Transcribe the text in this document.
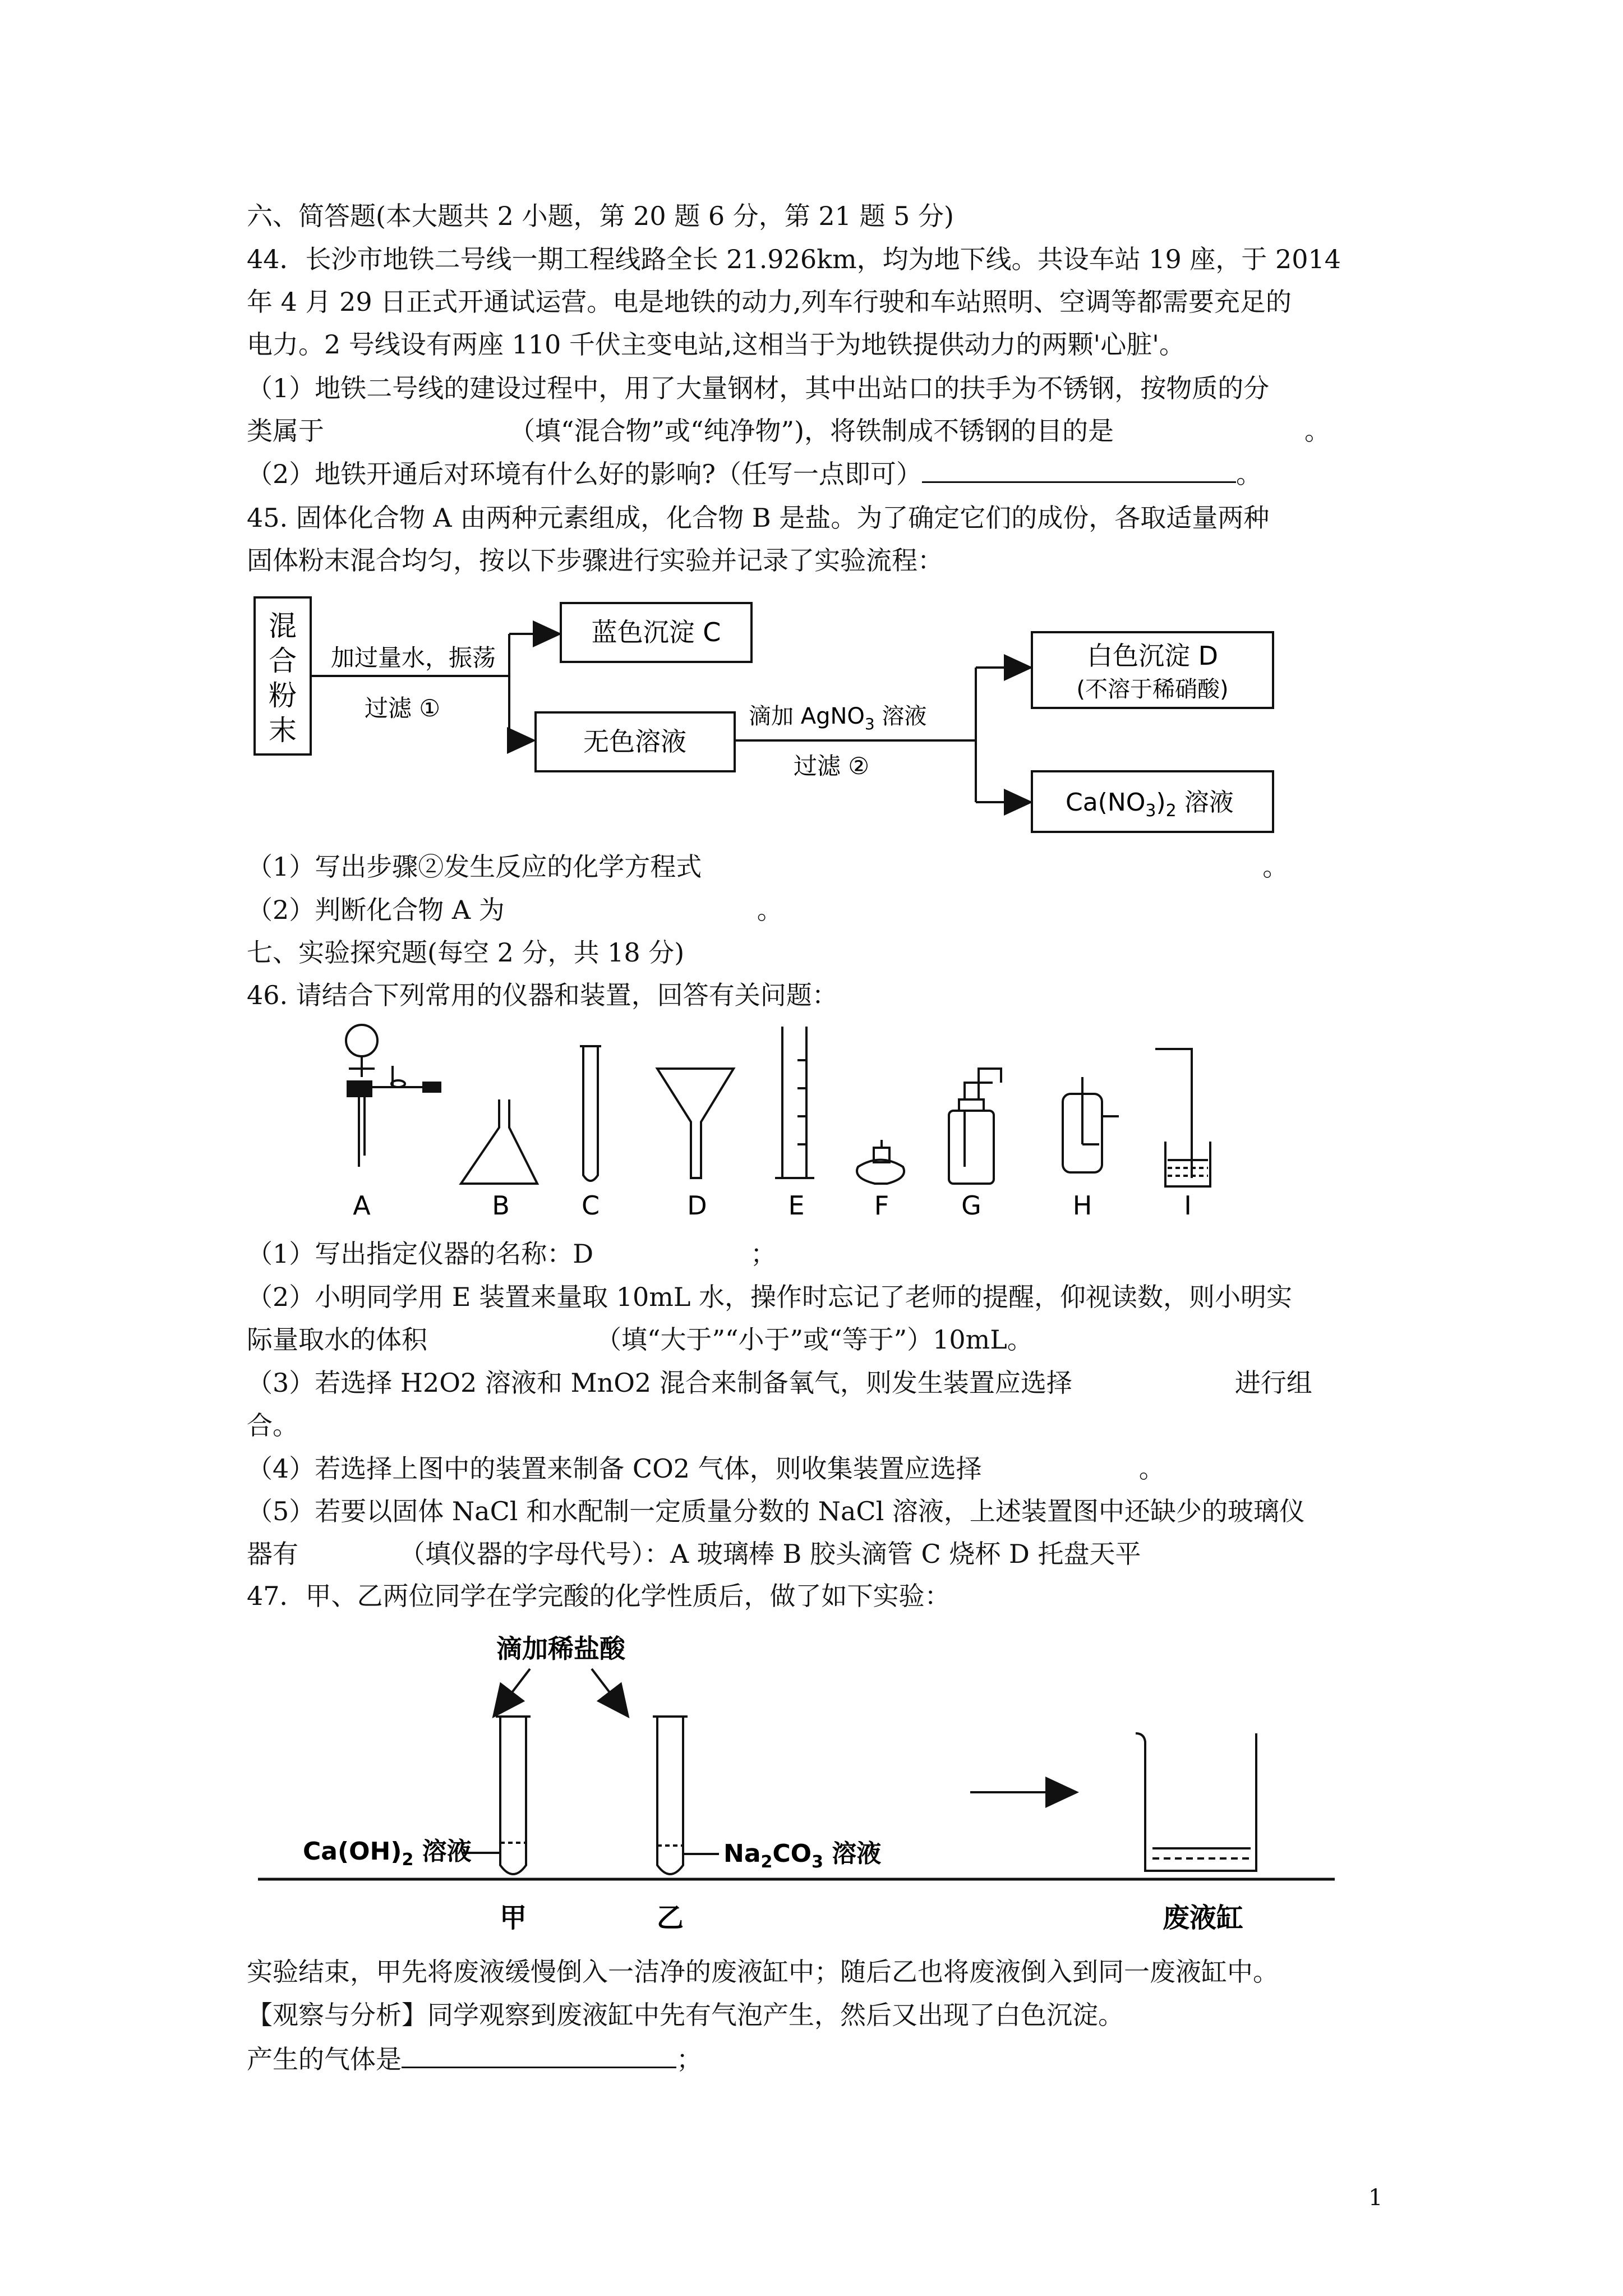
六、简答题(本大题共 2 小题，第 20 题 6 分，第 21 题 5 分)
44．长沙市地铁二号线一期工程线路全长 21.926km，均为地下线。共设车站 19 座，于 2014
年 4 月 29 日正式开通试运营。电是地铁的动力,列车行驶和车站照明、空调等都需要充足的
电力。2 号线设有两座 110 千伏主变电站,这相当于为地铁提供动力的两颗'心脏'。
（1）地铁二号线的建设过程中，用了大量钢材，其中出站口的扶手为不锈钢，按物质的分
类属于	（填“混合物”或“纯净物”)，将铁制成不锈钢的目的是	。
（2）地铁开通后对环境有什么好的影响?（任写一点即可）	。
45. 固体化合物 A 由两种元素组成，化合物 B 是盐。为了确定它们的成份，各取适量两种
固体粉末混合均匀，按以下步骤进行实验并记录了实验流程：
混
合
粉
末
加过量水，振荡
过滤 ①
蓝色沉淀 C
无色溶液
滴加 AgNO$_3$ 溶液
过滤 ②
白色沉淀 D
(不溶于稀硝酸)
$Ca(NO_3)_2$ 溶液
（1）写出步骤②发生反应的化学方程式	。
（2）判断化合物 A 为	。
七、实验探究题(每空 2 分，共 18 分)
46. 请结合下列常用的仪器和装置，回答有关问题：
A	B	C	D	E	F	G	H	I
（1）写出指定仪器的名称：D	；
（2）小明同学用 E 装置来量取 10mL 水，操作时忘记了老师的提醒，仰视读数，则小明实
际量取水的体积	（填“大于”“小于”或“等于”）10mL。
（3）若选择 H2O2 溶液和 MnO2 混合来制备氧气，则发生装置应选择	进行组
合。
（4）若选择上图中的装置来制备 CO2 气体，则收集装置应选择	。
（5）若要以固体 NaCl 和水配制一定质量分数的 NaCl 溶液，上述装置图中还缺少的玻璃仪
器有	（填仪器的字母代号）：A 玻璃棒 B 胶头滴管 C 烧杯 D 托盘天平
47．甲、乙两位同学在学完酸的化学性质后，做了如下实验：
滴加稀盐酸
$Ca(OH)_2$ 溶液	$Na_2CO_3$ 溶液
甲	乙	废液缸
实验结束，甲先将废液缓慢倒入一洁净的废液缸中；随后乙也将废液倒入到同一废液缸中。
【观察与分析】同学观察到废液缸中先有气泡产生，然后又出现了白色沉淀。
产生的气体是	；
1
